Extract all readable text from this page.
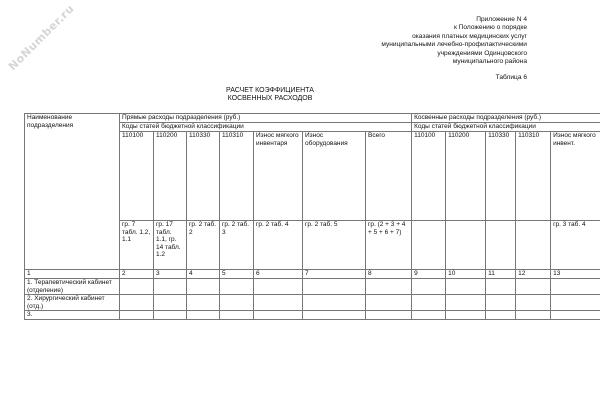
NoNumber.ru	Приложение N 4
к Положению о порядке
оказания платных медицинских услуг
муниципальными лечебно-профилактическими
учреждениями Одинцовского
муниципального района
Таблица 6
РАСЧЕТ КОЭФФИЦИЕНТА
КОСВЕННЫХ РАСХОДОВ
Наименование подразделения	Прямые расходы подразделения (руб.)							Косвенные расходы подразделения (руб.)				
	Коды статей бюджетной классификации							Коды статей бюджетной классификации				
	110100	110200	110330	110310	Износ мягкого инвентаря	Износ оборудования	Всего	110100	110200	110330	110310	Износ мягкого инвент.
	гр. 7 табл. 1.2, 1.1	гр. 17 табл. 1.1, гр. 14 табл. 1.2	гр. 2 таб. 2	гр. 2 таб. 3	гр. 2 таб. 4	гр. 2 таб. 5	гр. (2 + 3 + 4 + 5 + 6 + 7)					гр. 3 таб. 4
1	2	3	4	5	6	7	8	9	10	11	12	13
1. Терапевтический кабинет (отделение)												
2. Хирургический кабинет (отд.)												
3.												
